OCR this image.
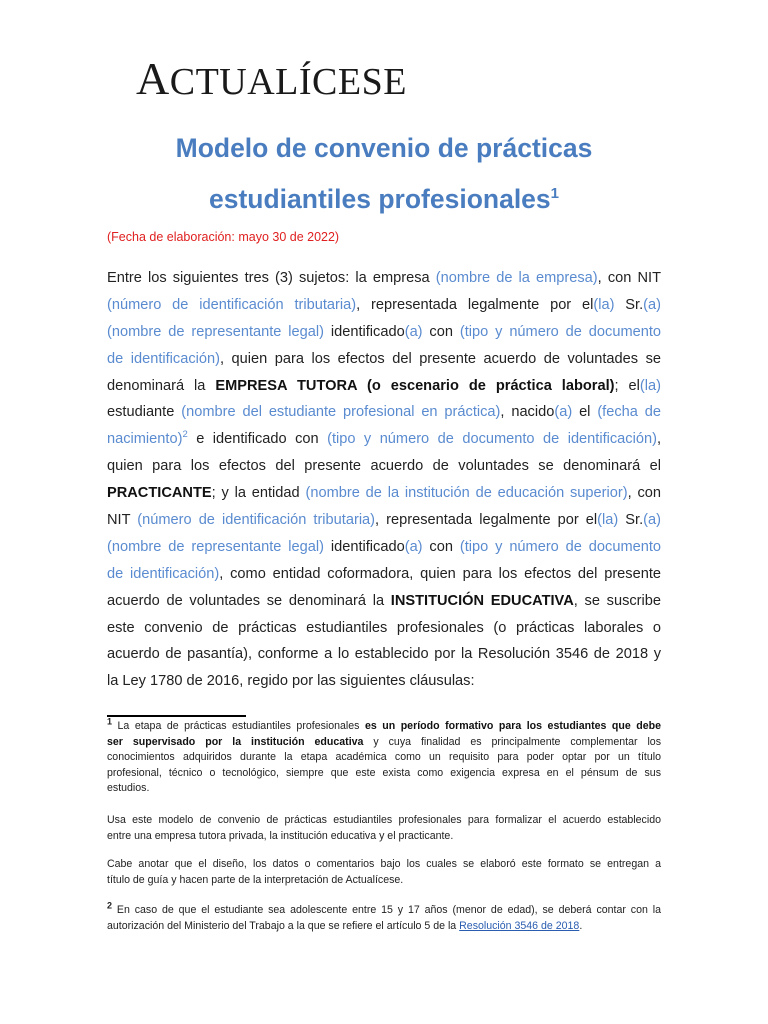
ACTUALÍCESE
Modelo de convenio de prácticas
estudiantiles profesionales$^1$
(Fecha de elaboración: mayo 30 de 2022)
Entre los siguientes tres (3) sujetos: la empresa (nombre de la empresa), con NIT
(número de identificación tributaria), representada legalmente por el(la) Sr.(a)
(nombre de representante legal) identificado(a) con (tipo y número de documento
de identificación), quien para los efectos del presente acuerdo de voluntades se
denominará la EMPRESA TUTORA (o escenario de práctica laboral); el(la)
estudiante (nombre del estudiante profesional en práctica), nacido(a) el (fecha de
nacimiento)$^2$ e identificado con (tipo y número de documento de identificación),
quien para los efectos del presente acuerdo de voluntades se denominará el
PRACTICANTE; y la entidad (nombre de la institución de educación superior), con
NIT (número de identificación tributaria), representada legalmente por el(la) Sr.(a)
(nombre de representante legal) identificado(a) con (tipo y número de documento
de identificación), como entidad coformadora, quien para los efectos del presente
acuerdo de voluntades se denominará la INSTITUCIÓN EDUCATIVA, se suscribe
este convenio de prácticas estudiantiles profesionales (o prácticas laborales o
acuerdo de pasantía), conforme a lo establecido por la Resolución 3546 de 2018 y
la Ley 1780 de 2016, regido por las siguientes cláusulas:
$^1$ La etapa de prácticas estudiantiles profesionales es un período formativo para los estudiantes que debe
ser supervisado por la institución educativa y cuya finalidad es principalmente complementar los
conocimientos adquiridos durante la etapa académica como un requisito para poder optar por un título
profesional, técnico o tecnológico, siempre que este exista como exigencia expresa en el pénsum de sus
estudios.
Usa este modelo de convenio de prácticas estudiantiles profesionales para formalizar el acuerdo establecido
entre una empresa tutora privada, la institución educativa y el practicante.
Cabe anotar que el diseño, los datos o comentarios bajo los cuales se elaboró este formato se entregan a
título de guía y hacen parte de la interpretación de Actualícese.
$^2$ En caso de que el estudiante sea adolescente entre 15 y 17 años (menor de edad), se deberá contar con la
autorización del Ministerio del Trabajo a la que se refiere el artículo 5 de la Resolución 3546 de 2018.
